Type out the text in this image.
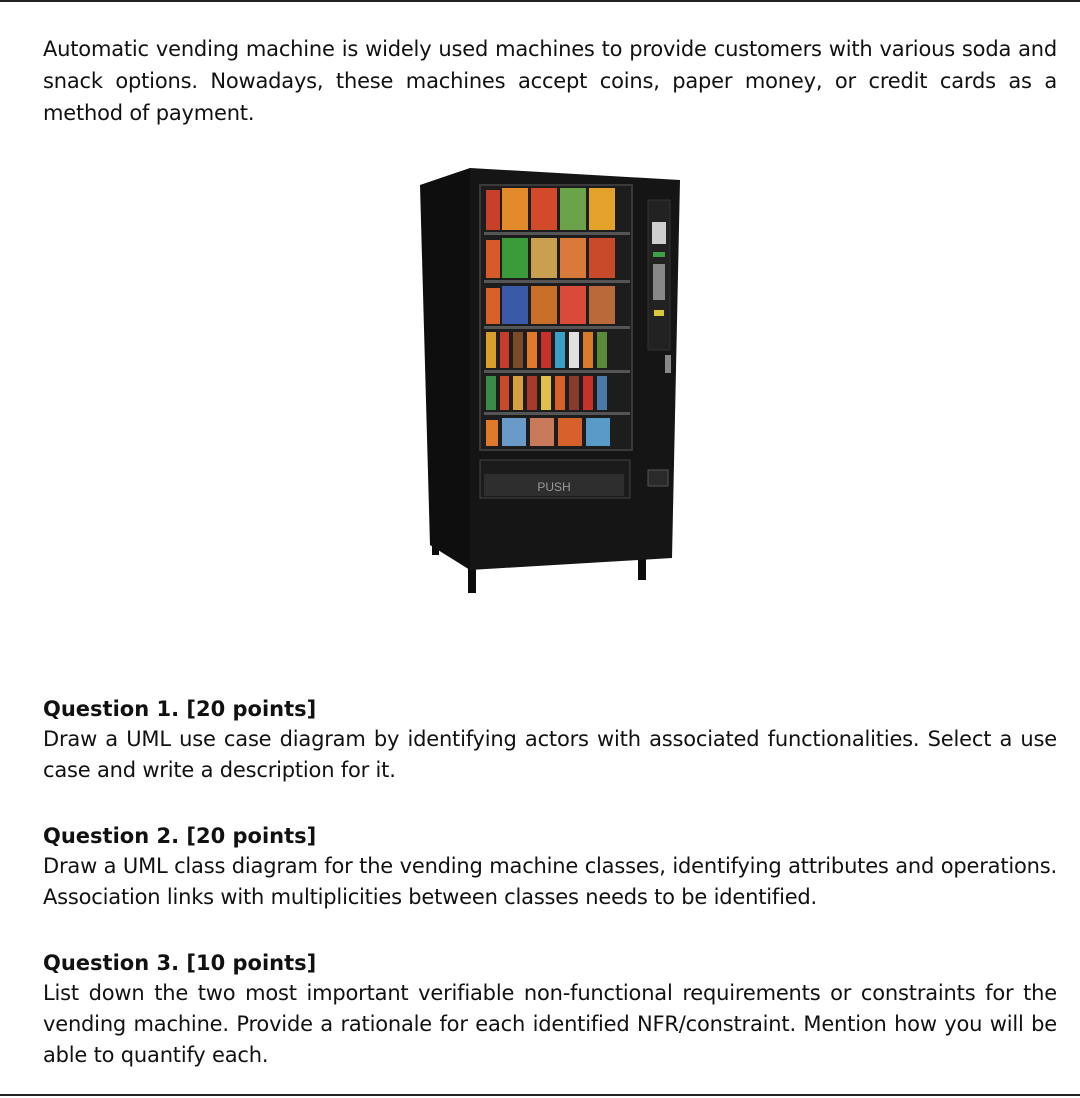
Automatic vending machine is widely used machines to provide customers with various soda and snack options. Nowadays, these machines accept coins, paper money, or credit cards as a method of payment.

PUSH

Question 1. [20 points]

Draw a UML use case diagram by identifying actors with associated functionalities. Select a use case and write a description for it.

Question 2. [20 points]

Draw a UML class diagram for the vending machine classes, identifying attributes and operations. Association links with multiplicities between classes needs to be identified.

Question 3. [10 points]

List down the two most important verifiable non-functional requirements or constraints for the vending machine. Provide a rationale for each identified NFR/constraint. Mention how you will be able to quantify each.
